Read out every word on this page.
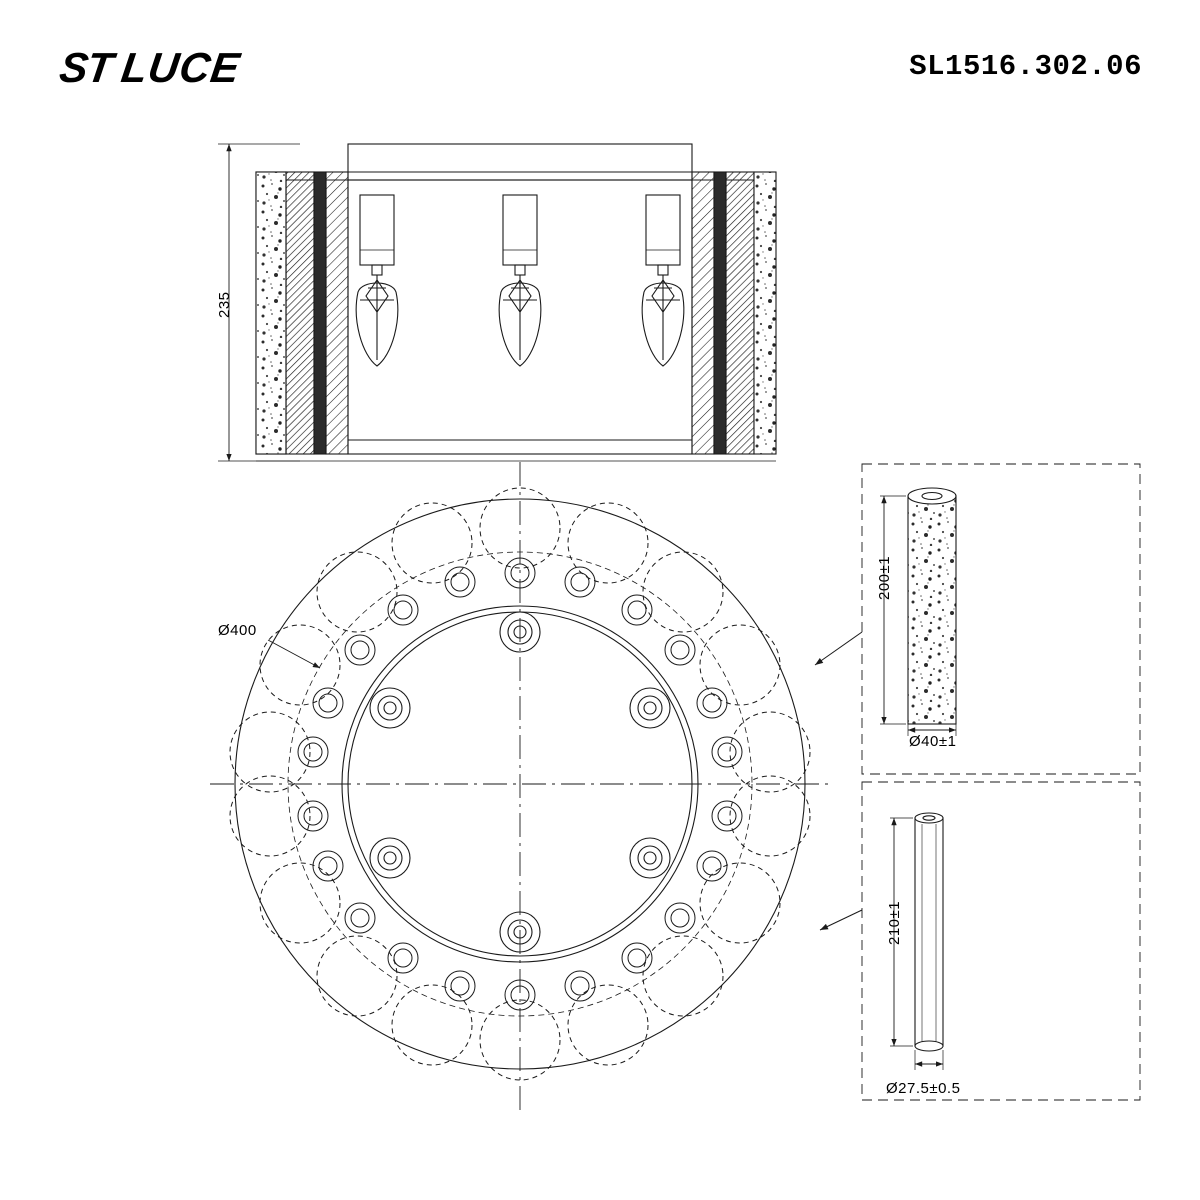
STLUCE	SL1516.302.06
235
Ø400
200±1
Ø40±1
210±1
Ø27.5±0.5
